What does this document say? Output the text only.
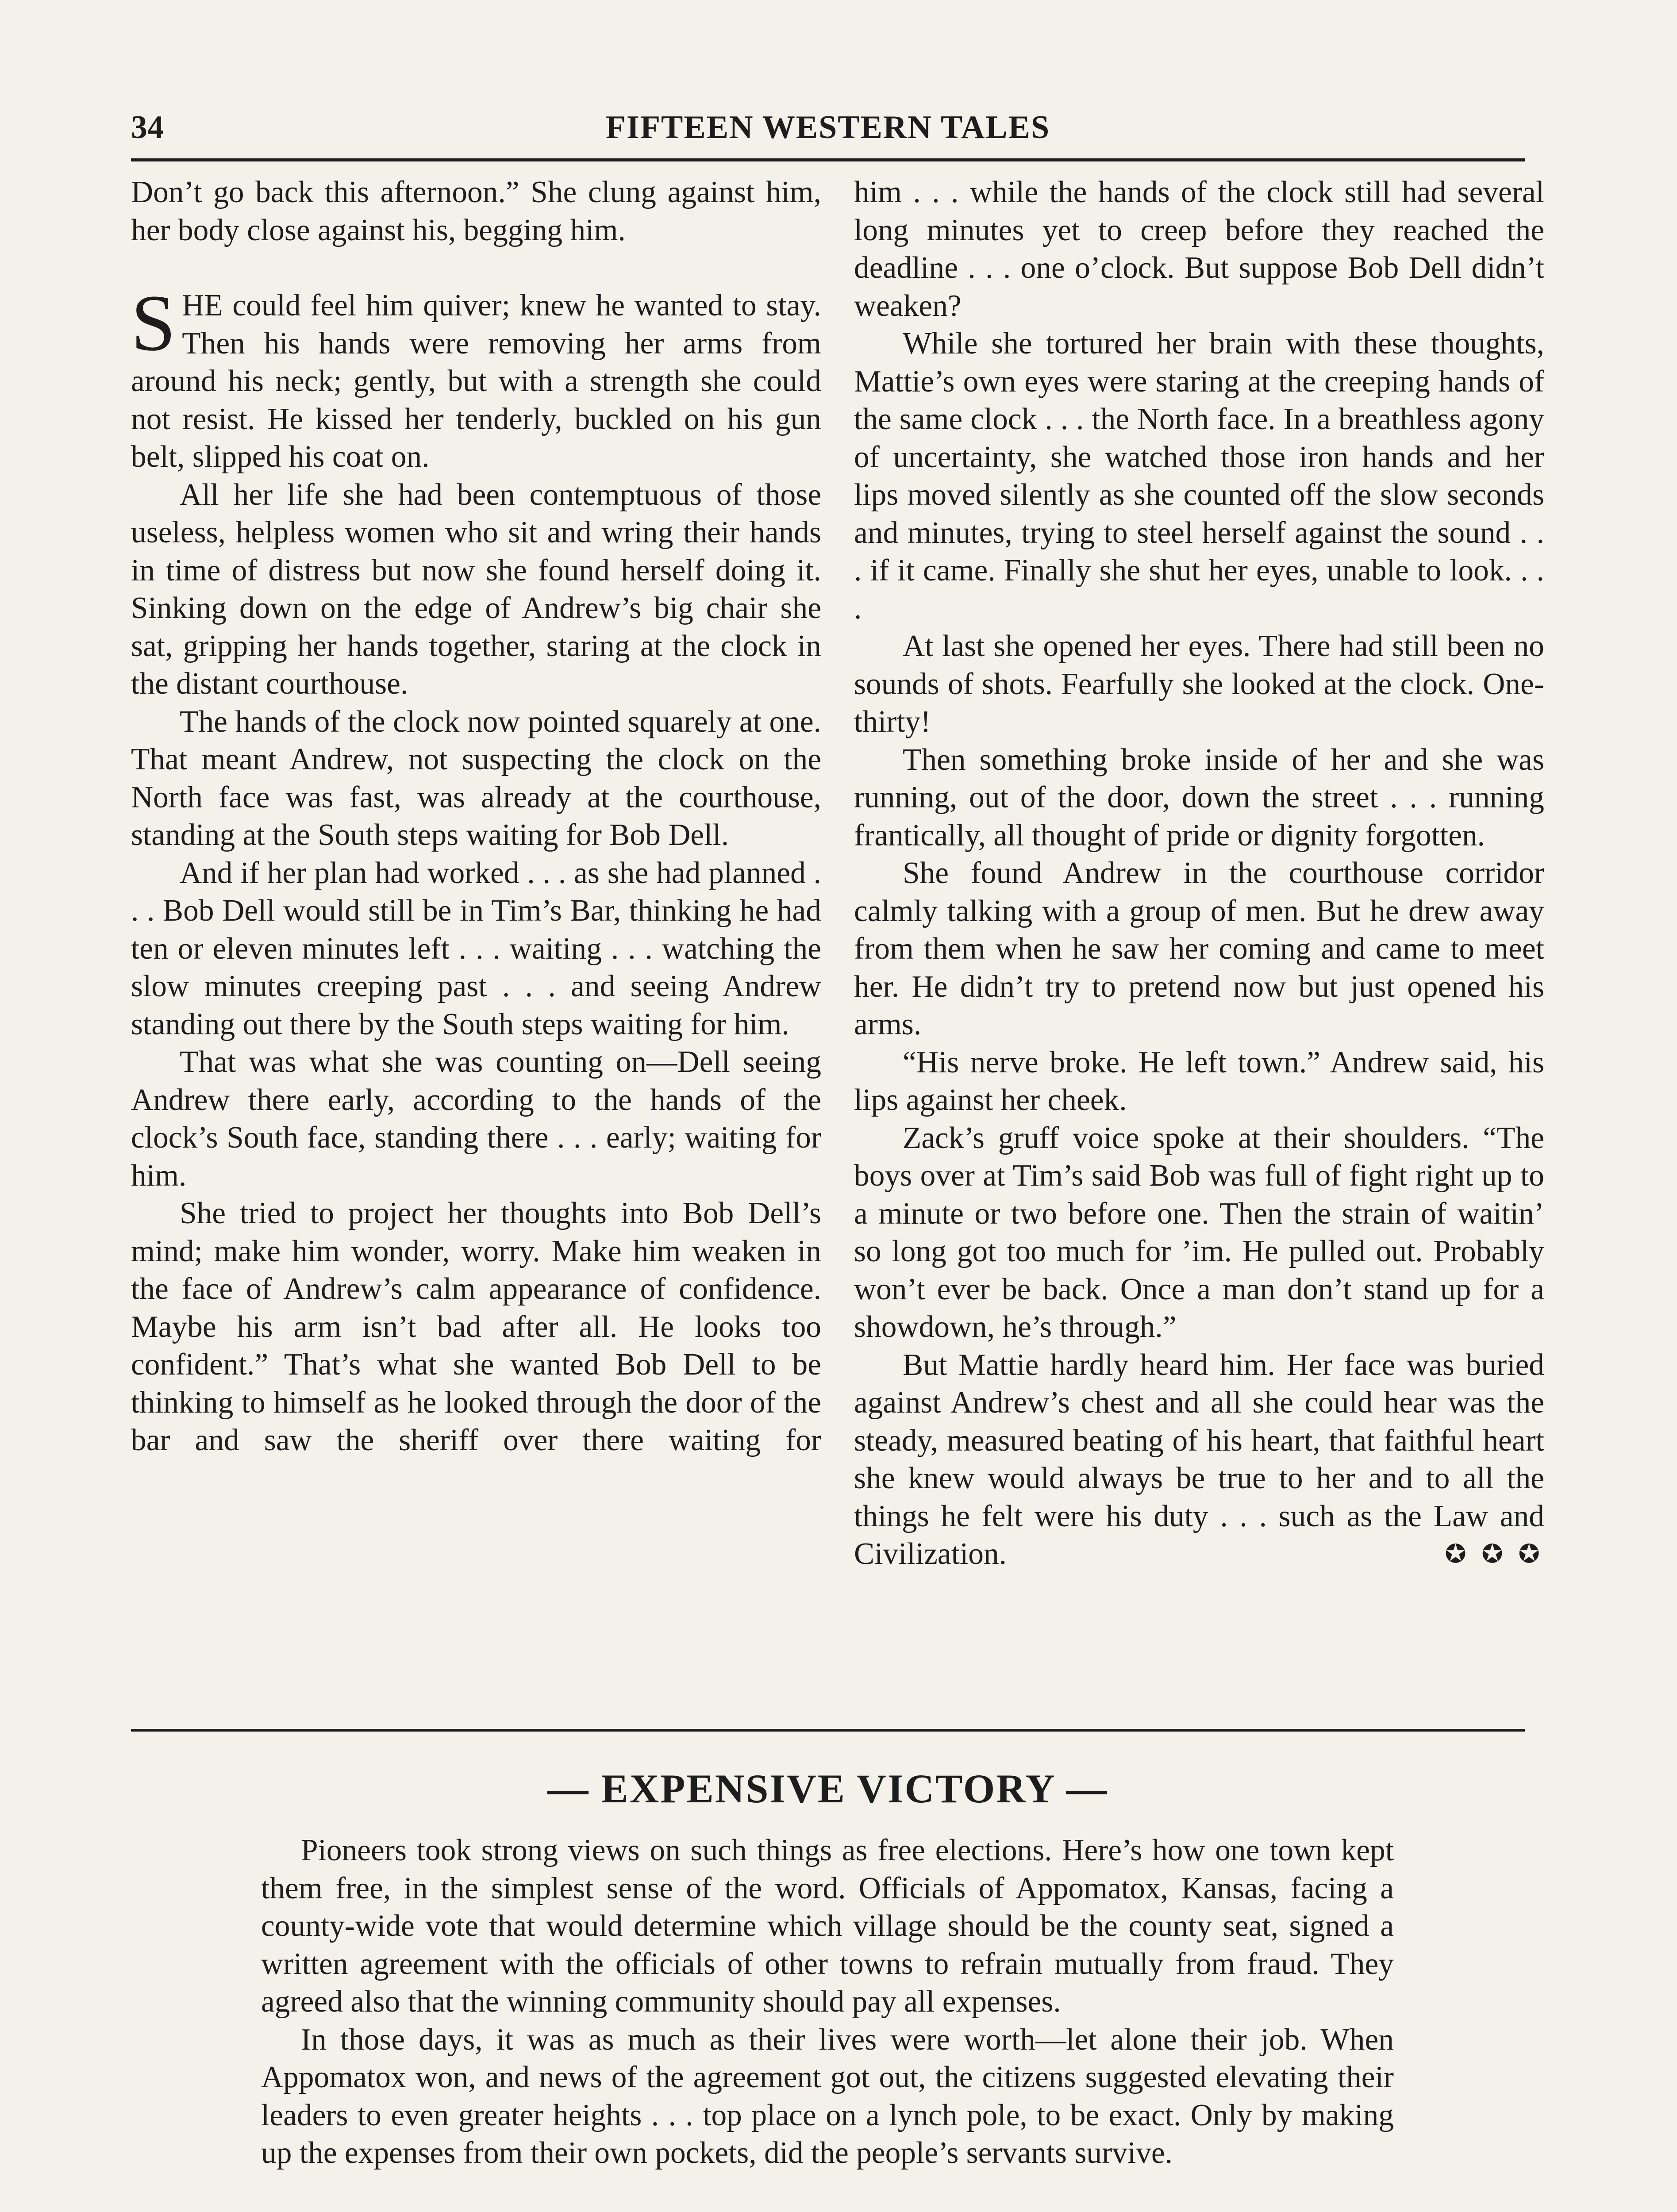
34	FIFTEEN WESTERN TALES

Don’t go back this afternoon.” She clung against him, her body close against his, begging him.

SHE could feel him quiver; knew he wanted to stay. Then his hands were removing her arms from around his neck; gently, but with a strength she could not resist. He kissed her tenderly, buckled on his gun belt, slipped his coat on.

All her life she had been contemptuous of those useless, helpless women who sit and wring their hands in time of distress but now she found herself doing it. Sinking down on the edge of Andrew’s big chair she sat, gripping her hands together, staring at the clock in the distant courthouse.

The hands of the clock now pointed squarely at one. That meant Andrew, not suspecting the clock on the North face was fast, was already at the courthouse, standing at the South steps waiting for Bob Dell.

And if her plan had worked . . . as she had planned . . . Bob Dell would still be in Tim’s Bar, thinking he had ten or eleven minutes left . . . waiting . . . watching the slow minutes creeping past . . . and seeing Andrew standing out there by the South steps waiting for him.

That was what she was counting on—Dell seeing Andrew there early, according to the hands of the clock’s South face, standing there . . . early; waiting for him.

She tried to project her thoughts into Bob Dell’s mind; make him wonder, worry. Make him weaken in the face of Andrew’s calm appearance of confidence. Maybe his arm isn’t bad after all. He looks too confident.” That’s what she wanted Bob Dell to be thinking to himself as he looked through the door of the bar and saw the sheriff over there waiting for

him . . . while the hands of the clock still had several long minutes yet to creep before they reached the deadline . . . one o’clock. But suppose Bob Dell didn’t weaken?

While she tortured her brain with these thoughts, Mattie’s own eyes were staring at the creeping hands of the same clock . . . the North face. In a breathless agony of uncertainty, she watched those iron hands and her lips moved silently as she counted off the slow seconds and minutes, trying to steel herself against the sound . . . if it came. Finally she shut her eyes, unable to look. . . .

At last she opened her eyes. There had still been no sounds of shots. Fearfully she looked at the clock. One-thirty!

Then something broke inside of her and she was running, out of the door, down the street . . . running frantically, all thought of pride or dignity forgotten.

She found Andrew in the courthouse corridor calmly talking with a group of men. But he drew away from them when he saw her coming and came to meet her. He didn’t try to pretend now but just opened his arms.

“His nerve broke. He left town.” Andrew said, his lips against her cheek.

Zack’s gruff voice spoke at their shoulders. “The boys over at Tim’s said Bob was full of fight right up to a minute or two before one. Then the strain of waitin’ so long got too much for ’im. He pulled out. Probably won’t ever be back. Once a man don’t stand up for a showdown, he’s through.”

But Mattie hardly heard him. Her face was buried against Andrew’s chest and all she could hear was the steady, measured beating of his heart, that faithful heart she knew would always be true to her and to all the things he felt were his duty . . . such as the Law and Civilization.	✪ ✪ ✪

— EXPENSIVE VICTORY —

Pioneers took strong views on such things as free elections. Here’s how one town kept them free, in the simplest sense of the word. Officials of Appomatox, Kansas, facing a county-wide vote that would determine which village should be the county seat, signed a written agreement with the officials of other towns to refrain mutually from fraud. They agreed also that the winning community should pay all expenses.

In those days, it was as much as their lives were worth—let alone their job. When Appomatox won, and news of the agreement got out, the citizens suggested elevating their leaders to even greater heights . . . top place on a lynch pole, to be exact. Only by making up the expenses from their own pockets, did the people’s servants survive.
